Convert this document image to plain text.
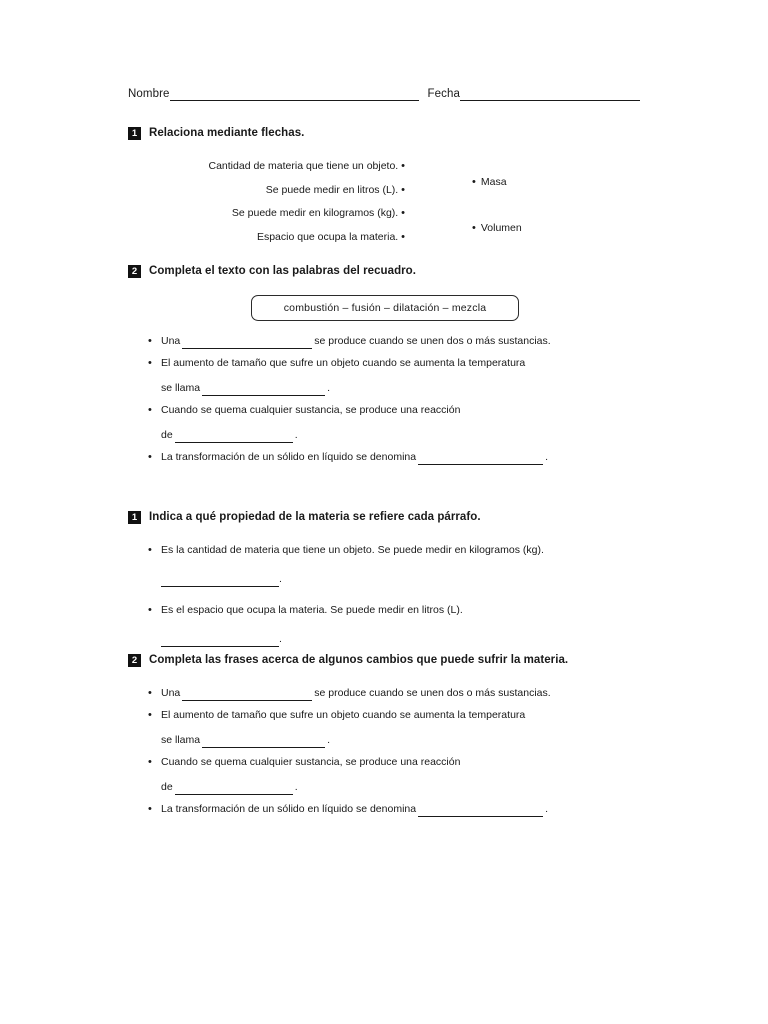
Nombre	Fecha
1	Relaciona mediante flechas.
Cantidad de materia que tiene un objeto. •
Se puede medir en litros (L). •
Se puede medir en kilogramos (kg). •
Espacio que ocupa la materia. •
• Masa
• Volumen
2	Completa el texto con las palabras del recuadro.
combustión – fusión – dilatación – mezcla
• Una	se produce cuando se unen dos o más sustancias.
• El aumento de tamaño que sufre un objeto cuando se aumenta la temperatura
se llama	.
• Cuando se quema cualquier sustancia, se produce una reacción
de	.
• La transformación de un sólido en líquido se denomina	.
1	Indica a qué propiedad de la materia se refiere cada párrafo.
• Es la cantidad de materia que tiene un objeto. Se puede medir en kilogramos (kg).
.
• Es el espacio que ocupa la materia. Se puede medir en litros (L).
.
2	Completa las frases acerca de algunos cambios que puede sufrir la materia.
• Una	se produce cuando se unen dos o más sustancias.
• El aumento de tamaño que sufre un objeto cuando se aumenta la temperatura
se llama	.
• Cuando se quema cualquier sustancia, se produce una reacción
de	.
• La transformación de un sólido en líquido se denomina	.
